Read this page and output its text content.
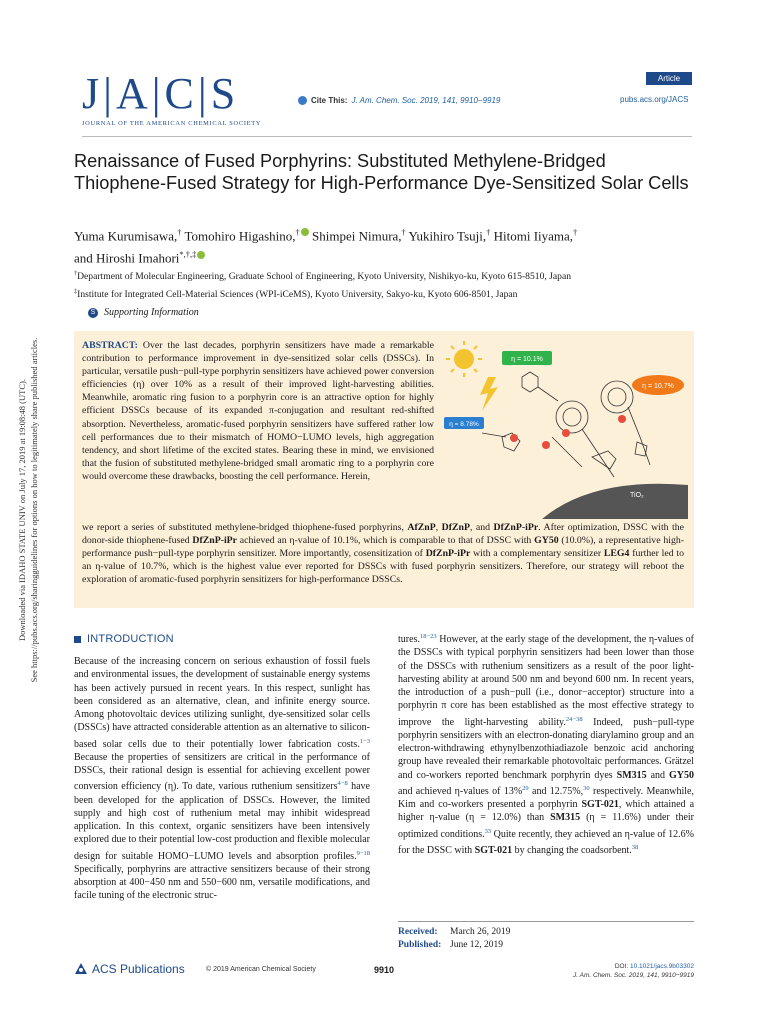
Downloaded via IDAHO STATE UNIV on July 17, 2019 at 19:08:48 (UTC). See https://pubs.acs.org/sharingguidelines for options on how to legitimately share published articles.
J | A | C | S
JOURNAL OF THE AMERICAN CHEMICAL SOCIETY
Cite This: J. Am. Chem. Soc. 2019, 141, 9910−9919
Article
pubs.acs.org/JACS
Renaissance of Fused Porphyrins: Substituted Methylene-Bridged Thiophene-Fused Strategy for High-Performance Dye-Sensitized Solar Cells
Yuma Kurumisawa,† Tomohiro Higashino,† Shimpei Nimura,† Yukihiro Tsuji,† Hitomi Iiyama,†
and Hiroshi Imahori*,†,‡
†Department of Molecular Engineering, Graduate School of Engineering, Kyoto University, Nishikyo-ku, Kyoto 615-8510, Japan
‡Institute for Integrated Cell-Material Sciences (WPI-iCeMS), Kyoto University, Sakyo-ku, Kyoto 606-8501, Japan
S Supporting Information

ABSTRACT: Over the last decades, porphyrin sensitizers have made a remarkable contribution to performance improvement in dye-sensitized solar cells (DSSCs). In particular, versatile push−pull-type porphyrin sensitizers have achieved power conversion efficiencies (η) over 10% as a result of their improved light-harvesting abilities. Meanwhile, aromatic ring fusion to a porphyrin core is an attractive option for highly efficient DSSCs because of its expanded π-conjugation and resultant red-shifted absorption. Nevertheless, aromatic-fused porphyrin sensitizers have suffered rather low cell performances due to their mismatch of HOMO−LUMO levels, high aggregation tendency, and short lifetime of the excited states. Bearing these in mind, we envisioned that the fusion of substituted methylene-bridged small aromatic ring to a porphyrin core would overcome these drawbacks, boosting the cell performance. Herein,

we report a series of substituted methylene-bridged thiophene-fused porphyrins, AfZnP, DfZnP, and DfZnP-iPr. After optimization, DSSC with the donor-side thiophene-fused DfZnP-iPr achieved an η-value of 10.1%, which is comparable to that of DSSC with GY50 (10.0%), a representative high-performance push−pull-type porphyrin sensitizer. More importantly, cosensitization of DfZnP-iPr with a complementary sensitizer LEG4 further led to an η-value of 10.7%, which is the highest value ever reported for DSSCs with fused porphyrin sensitizers. Therefore, our strategy will reboot the exploration of aromatic-fused porphyrin sensitizers for high-performance DSSCs.

η = 10.1%
η = 10.7%
η = 8.78%
TiO₂
INTRODUCTION

Because of the increasing concern on serious exhaustion of fossil fuels and environmental issues, the development of sustainable energy systems has been actively pursued in recent years. In this respect, sunlight has been considered as an alternative, clean, and infinite energy source. Among photovoltaic devices utilizing sunlight, dye-sensitized solar cells (DSSCs) have attracted considerable attention as an alternative to silicon-based solar cells due to their potentially lower fabrication costs.$^{1-3}$ Because the properties of sensitizers are critical in the performance of DSSCs, their rational design is essential for achieving excellent power conversion efficiency (η). To date, various ruthenium sensitizers$^{4-8}$ have been developed for the application of DSSCs. However, the limited supply and high cost of ruthenium metal may inhibit widespread application. In this context, organic sensitizers have been intensively explored due to their potential low-cost production and flexible molecular design for suitable HOMO−LUMO levels and absorption profiles.$^{9-18}$ Specifically, porphyrins are attractive sensitizers because of their strong absorption at 400−450 nm and 550−600 nm, versatile modifications, and facile tuning of the electronic struc-

tures.$^{18-23}$ However, at the early stage of the development, the η-values of the DSSCs with typical porphyrin sensitizers had been lower than those of the DSSCs with ruthenium sensitizers as a result of the poor light-harvesting ability at around 500 nm and beyond 600 nm. In recent years, the introduction of a push−pull (i.e., donor−acceptor) structure into a porphyrin π core has been established as the most effective strategy to improve the light-harvesting ability.$^{24-38}$ Indeed, push−pull-type porphyrin sensitizers with an electron-donating diarylamino group and an electron-withdrawing ethynylbenzothiadiazole benzoic acid anchoring group have revealed their remarkable photovoltaic performances. Grätzel and co-workers reported benchmark porphyrin dyes SM315 and GY50 and achieved η-values of 13%$^{29}$ and 12.75%,$^{30}$ respectively. Meanwhile, Kim and co-workers presented a porphyrin SGT-021, which attained a higher η-value (η = 12.0%) than SM315 (η = 11.6%) under their optimized conditions.$^{33}$ Quite recently, they achieved an η-value of 12.6% for the DSSC with SGT-021 by changing the coadsorbent.$^{38}$

Received: March 26, 2019
Published: June 12, 2019
ACS Publications	© 2019 American Chemical Society	9910	DOI: 10.1021/jacs.9b03302
J. Am. Chem. Soc. 2019, 141, 9910−9919
